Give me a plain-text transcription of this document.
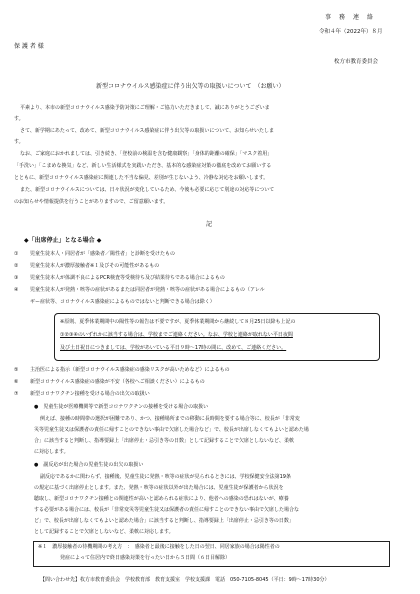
事　務　連　絡
令和４年（2022年）８月
保 護 者 様
枚方市教育委員会
新型コロナウイルス感染症に伴う出欠等の取扱いについて　（お願い）
平素より、本市の新型コロナウイルス感染予防対策にご理解・ご協力いただきまして、誠にありがとうございま
す。
さて、新学期にあたって、改めて、新型コロナウイルス感染症に伴う出欠等の取扱いについて、お知らせいたしま
す。
なお、ご家庭におかれましては、引き続き、「登校前の検温を含む健康観察」「身体的距離の確保」「マスク着用」
「手洗い」「こまめな換気」など、新しい生活様式を実践いただき、基本的な感染症対策の徹底を改めてお願いする
とともに、新型コロナウイルス感染症に関連した不当な偏見、差別が生じないよう、冷静な対応をお願いします。
また、新型コロナウイルスについては、日々状況が変化しているため、今後も必要に応じて別途の対応等について
のお知らせや情報提供を行うことがありますので、ご留意願います。
記
◆「出席停止」となる場合 ◆
① 児童生徒本人・同居者が「感染者／陽性者」と診断を受けたもの
② 児童生徒本人が濃厚接触者※１及びその可能性があるもの
③ 児童生徒本人が体調不良によるPCR検査等受検待ち及び結果待ちである場合によるもの
④ 児童生徒本人が発熱・咳等の症状があるまたは同居者が発熱・咳等の症状がある場合によるもの（アレル
ギー症状等、コロナウイルス感染症によるものではないと判断できる場合は除く）
※原則、夏季休業期間中の陽性等の報告は不要ですが、夏季休業期間から継続して８月25日以降も上記の
①②③④のいずれかに該当する場合は、学校までご連絡ください。なお、学校と連絡が取れない平日夜間
及び土日祝日につきましては、学校があいている平日９時～17時の間に、改めて、ご連絡ください。
⑤ 主治医による指示（新型コロナウイルス感染症の感染リスクが高いためなど）によるもの
⑥ 新型コロナウイルス感染症の感染が不安（各校へご相談ください）によるもの
⑦ 新型コロナワクチン接種を受ける場合の出欠の取扱い
●　児童生徒が医療機関等で新型コロナワクチンの接種を受ける場合の取扱い
例えば、接種の時間帯の選択が困難であり、かつ、接種場所までの移動に長時間を要する場合等に、校長が「非常変
災等児童生徒又は保護者の責任に帰すことのできない事由で欠席した場合など」で、校長が出席しなくてもよいと認めた場
合」に該当すると判断し、指導要録上「出席停止・忌引き等の日数」として記録することで欠席としないなど、柔軟
に対応します。
●　副反応が出た場合の児童生徒の出欠の取扱い
副反応であるかに関わらず、接種後、児童生徒に発熱・咳等の症状が見られるときには、学校保健安全法第19条
の規定に基づく出席停止とします。また、発熱・咳等の症状以外が出た場合には、児童生徒が保護者から状況を
聴取し、新型コロナワクチン接種との関連性が高いと認められる症状により、他者への感染の恐れはないが、療養
する必要がある場合には、校長が「非常変災等児童生徒又は保護者の責任に帰すことのできない事由で欠席した場合な
ど」で、校長が出席しなくてもよいと認めた場合」に該当すると判断し、指導要録上「出席停止・忌引き等の日数」
として記録することで欠席としないなど、柔軟に対応します。
※１　濃厚接触者の待機期間の考え方　：　感染者と最後に接触をした日の翌日、同居家族の場合は陽性者の
発症によって住居内で終日感染対策を行ったい日から５日間（６日目解除）
【問い合わせ先】枚方市教育委員会　学校教育部　教育支援室　学校支援課　電話　050-7105-8045（平日：9時～17時30分）
